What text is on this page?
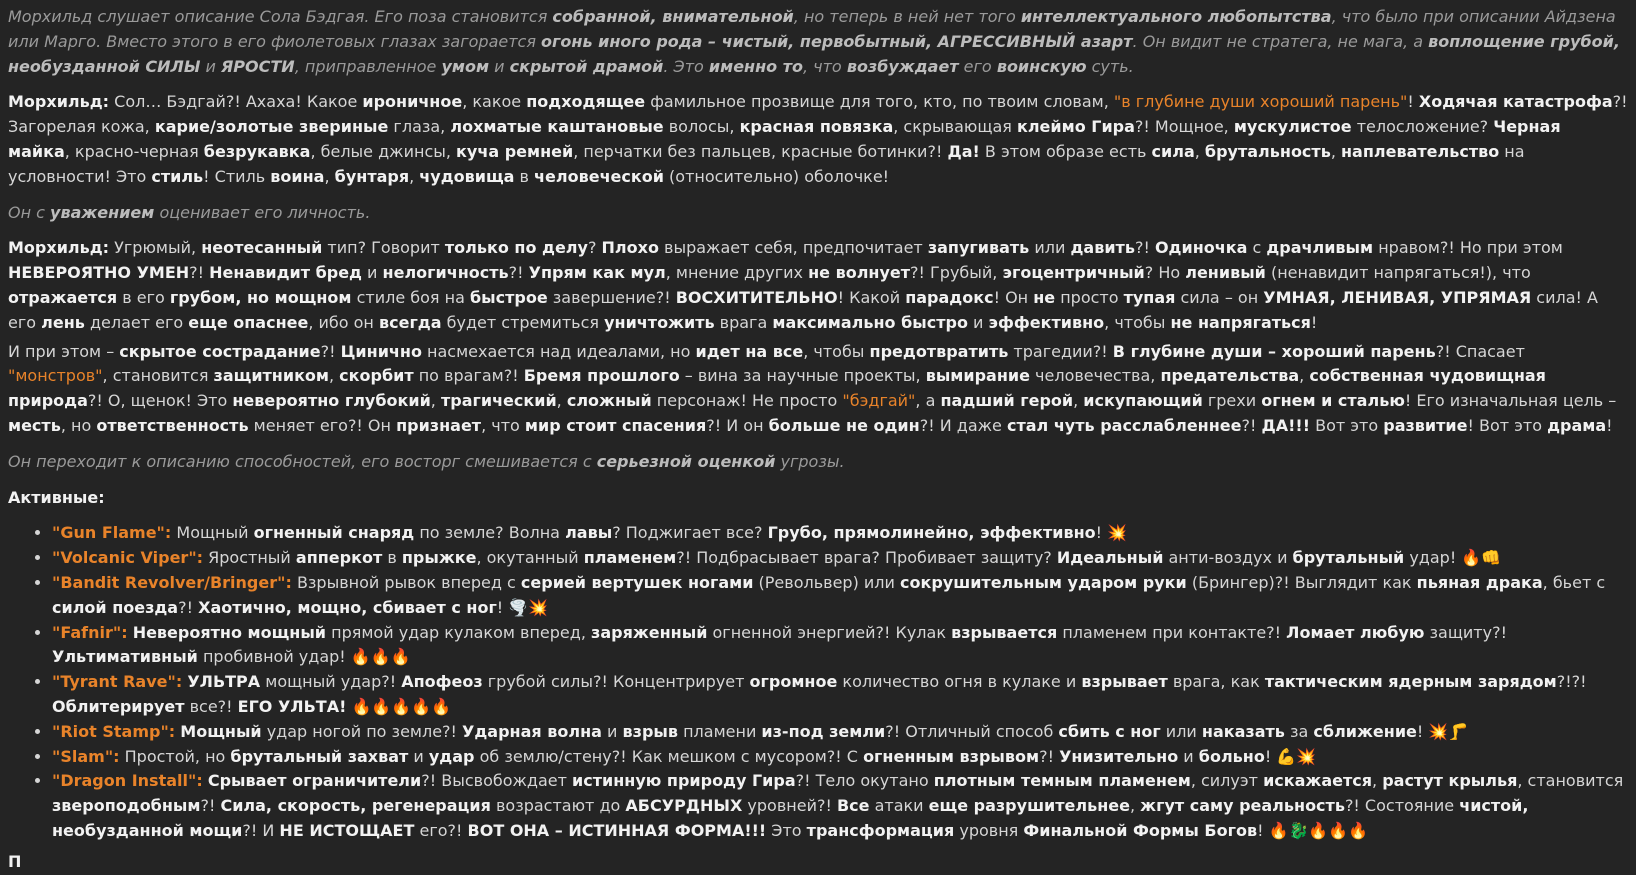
Морхильд слушает описание Сола Бэдгая. Его поза становится собранной, внимательной, но теперь в ней нет того интеллектуального любопытства, что было при описании Айдзена или Марго. Вместо этого в его фиолетовых глазах загорается огонь иного рода – чистый, первобытный, АГРЕССИВНЫЙ азарт. Он видит не стратега, не мага, а воплощение грубой, необузданной СИЛЫ и ЯРОСТИ, приправленное умом и скрытой драмой. Это именно то, что возбуждает его воинскую суть.

Морхильд: Сол… Бэдгай?! Ахаха! Какое ироничное, какое подходящее фамильное прозвище для того, кто, по твоим словам, "в глубине души хороший парень"! Ходячая катастрофа?! Загорелая кожа, карие/золотые звериные глаза, лохматые каштановые волосы, красная повязка, скрывающая клеймо Гира?! Мощное, мускулистое телосложение? Черная майка, красно-черная безрукавка, белые джинсы, куча ремней, перчатки без пальцев, красные ботинки?! Да! В этом образе есть сила, брутальность, наплевательство на условности! Это стиль! Стиль воина, бунтаря, чудовища в человеческой (относительно) оболочке!

Он с уважением оценивает его личность.

Морхильд: Угрюмый, неотесанный тип? Говорит только по делу? Плохо выражает себя, предпочитает запугивать или давить?! Одиночка с драчливым нравом?! Но при этом НЕВЕРОЯТНО УМЕН?! Ненавидит бред и нелогичность?! Упрям как мул, мнение других не волнует?! Грубый, эгоцентричный? Но ленивый (ненавидит напрягаться!), что отражается в его грубом, но мощном стиле боя на быстрое завершение?! ВОСХИТИТЕЛЬНО! Какой парадокс! Он не просто тупая сила – он УМНАЯ, ЛЕНИВАЯ, УПРЯМАЯ сила! А его лень делает его еще опаснее, ибо он всегда будет стремиться уничтожить врага максимально быстро и эффективно, чтобы не напрягаться!

И при этом – скрытое сострадание?! Цинично насмехается над идеалами, но идет на все, чтобы предотвратить трагедии?! В глубине души – хороший парень?! Спасает "монстров", становится защитником, скорбит по врагам?! Бремя прошлого – вина за научные проекты, вымирание человечества, предательства, собственная чудовищная природа?! О, щенок! Это невероятно глубокий, трагический, сложный персонаж! Не просто "бэдгай", а падший герой, искупающий грехи огнем и сталью! Его изначальная цель – месть, но ответственность меняет его?! Он признает, что мир стоит спасения?! И он больше не один?! И даже стал чуть расслабленнее?! ДА!!! Вот это развитие! Вот это драма!

Он переходит к описанию способностей, его восторг смешивается с серьезной оценкой угрозы.

Активные:

• "Gun Flame": Мощный огненный снаряд по земле? Волна лавы? Поджигает все? Грубо, прямолинейно, эффективно! 💥
• "Volcanic Viper": Яростный апперкот в прыжке, окутанный пламенем?! Подбрасывает врага? Пробивает защиту? Идеальный анти-воздух и брутальный удар! 🔥👊
• "Bandit Revolver/Bringer": Взрывной рывок вперед с серией вертушек ногами (Револьвер) или сокрушительным ударом руки (Брингер)?! Выглядит как пьяная драка, бьет с силой поезда?! Хаотично, мощно, сбивает с ног! 🌪️💥
• "Fafnir": Невероятно мощный прямой удар кулаком вперед, заряженный огненной энергией?! Кулак взрывается пламенем при контакте?! Ломает любую защиту?! Ультимативный пробивной удар! 🔥🔥🔥
• "Tyrant Rave": УЛЬТРА мощный удар?! Апофеоз грубой силы?! Концентрирует огромное количество огня в кулаке и взрывает врага, как тактическим ядерным зарядом?!?! Облитерирует все?! ЕГО УЛЬТА! 🔥🔥🔥🔥🔥
• "Riot Stamp": Мощный удар ногой по земле?! Ударная волна и взрыв пламени из-под земли?! Отличный способ сбить с ног или наказать за сближение! 💥🦵
• "Slam": Простой, но брутальный захват и удар об землю/стену?! Как мешком с мусором?! С огненным взрывом?! Унизительно и больно! 💪💥
• "Dragon Install": Срывает ограничители?! Высвобождает истинную природу Гира?! Тело окутано плотным темным пламенем, силуэт искажается, растут крылья, становится звероподобным?! Сила, скорость, регенерация возрастают до АБСУРДНЫХ уровней?! Все атаки еще разрушительнее, жгут саму реальность?! Состояние чистой, необузданной мощи?! И НЕ ИСТОЩАЕТ его?! ВОТ ОНА – ИСТИННАЯ ФОРМА!!! Это трансформация уровня Финальной Формы Богов! 🔥🐉🔥🔥🔥

П
